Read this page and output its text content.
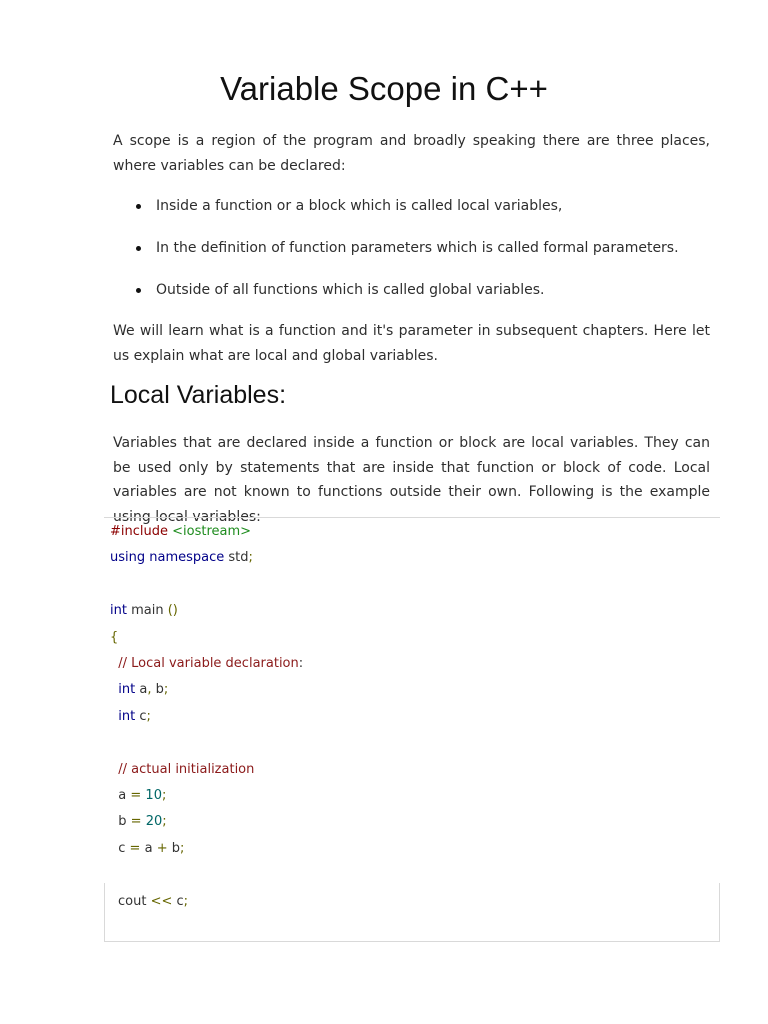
Variable Scope in C++

A scope is a region of the program and broadly speaking there are three places, where variables can be declared:

Inside a function or a block which is called local variables,
In the definition of function parameters which is called formal parameters.
Outside of all functions which is called global variables.

We will learn what is a function and it's parameter in subsequent chapters. Here let us explain what are local and global variables.

Local Variables:

Variables that are declared inside a function or block are local variables. They can be used only by statements that are inside that function or block of code. Local variables are not known to functions outside their own. Following is the example using local variables:

#include <iostream>
using namespace std;

int main ()
{
// Local variable declaration:
int a, b;
int c;

// actual initialization
a = 10;
b = 20;
c = a + b;
cout << c;
